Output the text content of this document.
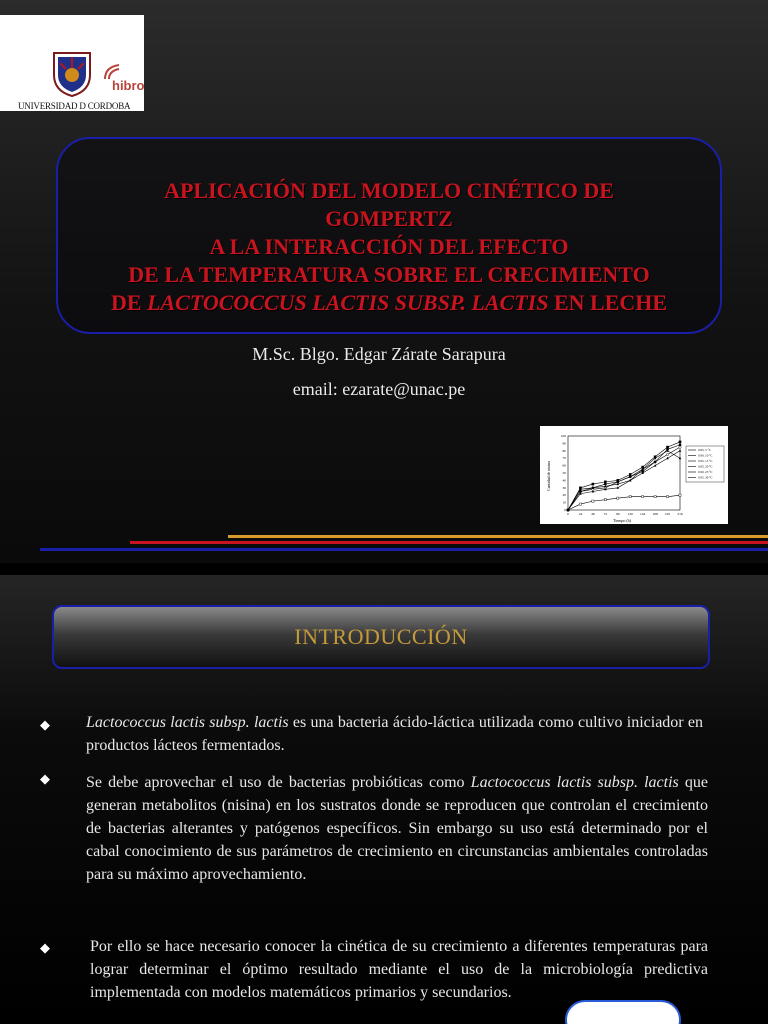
hibro
UNIVERSIDAD D CORDOBA
APLICACIÓN DEL MODELO CINÉTICO DE
GOMPERTZ
A LA INTERACCIÓN DEL EFECTO
DE LA TEMPERATURA SOBRE EL CRECIMIENTO
DE LACTOCOCCUS LACTIS SUBSP. LACTIS EN LECHE
M.Sc. Blgo. Edgar Zárate Sarapura
email: ezarate@unac.pe
Cantidad de nisina
Tiempo (h)
0	24	48	72	96 120 144 168 192 216
0
10
20
30
40
50
60
70
80
90
100
0.85, 5 °C
0.90, 10 °C
0.95, 15 °C
0.85, 20 °C
0.90, 25 °C
0.95, 30 °C
INTRODUCCIÓN
◆ Lactococcus lactis subsp. lactis es una bacteria ácido-láctica utilizada como cultivo iniciador en productos lácteos fermentados.
◆ Se debe aprovechar el uso de bacterias probióticas como Lactococcus lactis subsp. lactis que generan metabolitos (nisina) en los sustratos donde se reproducen que controlan el crecimiento de bacterias alterantes y patógenos específicos. Sin embargo su uso está determinado por el cabal conocimiento de sus parámetros de crecimiento en circunstancias ambientales controladas para su máximo aprovechamiento.
◆	Por ello se hace necesario conocer la cinética de su crecimiento a diferentes temperaturas para lograr determinar el óptimo resultado mediante el uso de la microbiología predictiva implementada con modelos matemáticos primarios y secundarios.
